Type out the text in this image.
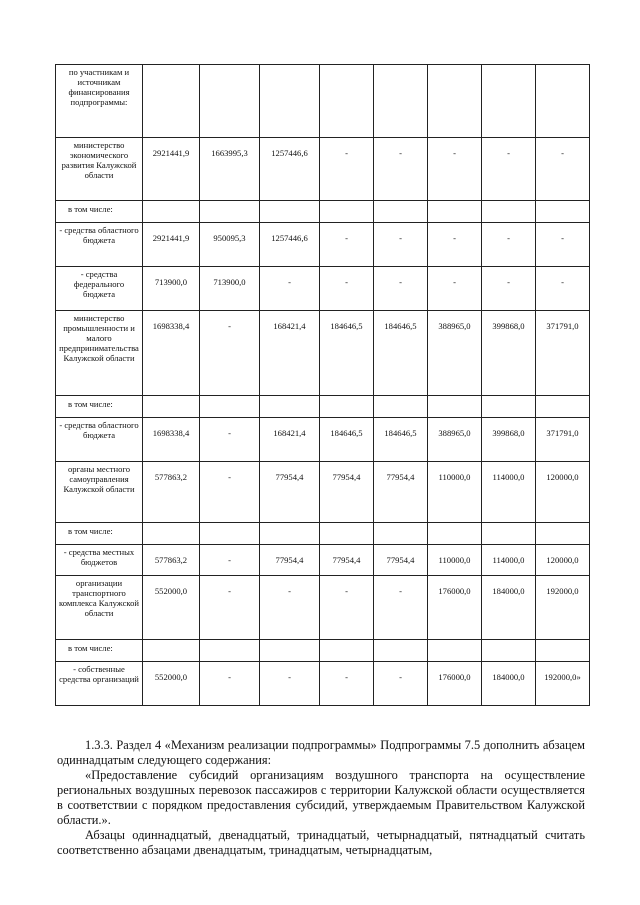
по участникам и источникам финансирования подпрограммы:								
министерство экономического развития Калужской области	2921441,9	1663995,3	1257446,6	-	-	-	-	-
в том числе:								
- средства областного бюджета	2921441,9	950095,3	1257446,6	-	-	-	-	-
- средства федерального бюджета	713900,0	713900,0	-	-	-	-	-	-
министерство промышленности и малого предпринимательства Калужской области	1698338,4	-	168421,4	184646,5	184646,5	388965,0	399868,0	371791,0
в том числе:								
- средства областного бюджета	1698338,4	-	168421,4	184646,5	184646,5	388965,0	399868,0	371791,0
органы местного самоуправления Калужской области	577863,2	-	77954,4	77954,4	77954,4	110000,0	114000,0	120000,0
в том числе:								
- средства местных бюджетов	577863,2	-	77954,4	77954,4	77954,4	110000,0	114000,0	120000,0
организации транспортного комплекса Калужской области	552000,0	-	-	-	-	176000,0	184000,0	192000,0
в том числе:								
- собственные средства организаций	552000,0	-	-	-	-	176000,0	184000,0	192000,0»

1.3.3. Раздел 4 «Механизм реализации подпрограммы» Подпрограммы 7.5 дополнить абзацем одиннадцатым следующего содержания:

«Предоставление субсидий организациям воздушного транспорта на осуществление региональных воздушных перевозок пассажиров с территории Калужской области осуществляется в соответствии с порядком предоставления субсидий, утверждаемым Правительством Калужской области.».

Абзацы одиннадцатый, двенадцатый, тринадцатый, четырнадцатый, пятнадцатый считать соответственно абзацами двенадцатым, тринадцатым, четырнадцатым,
